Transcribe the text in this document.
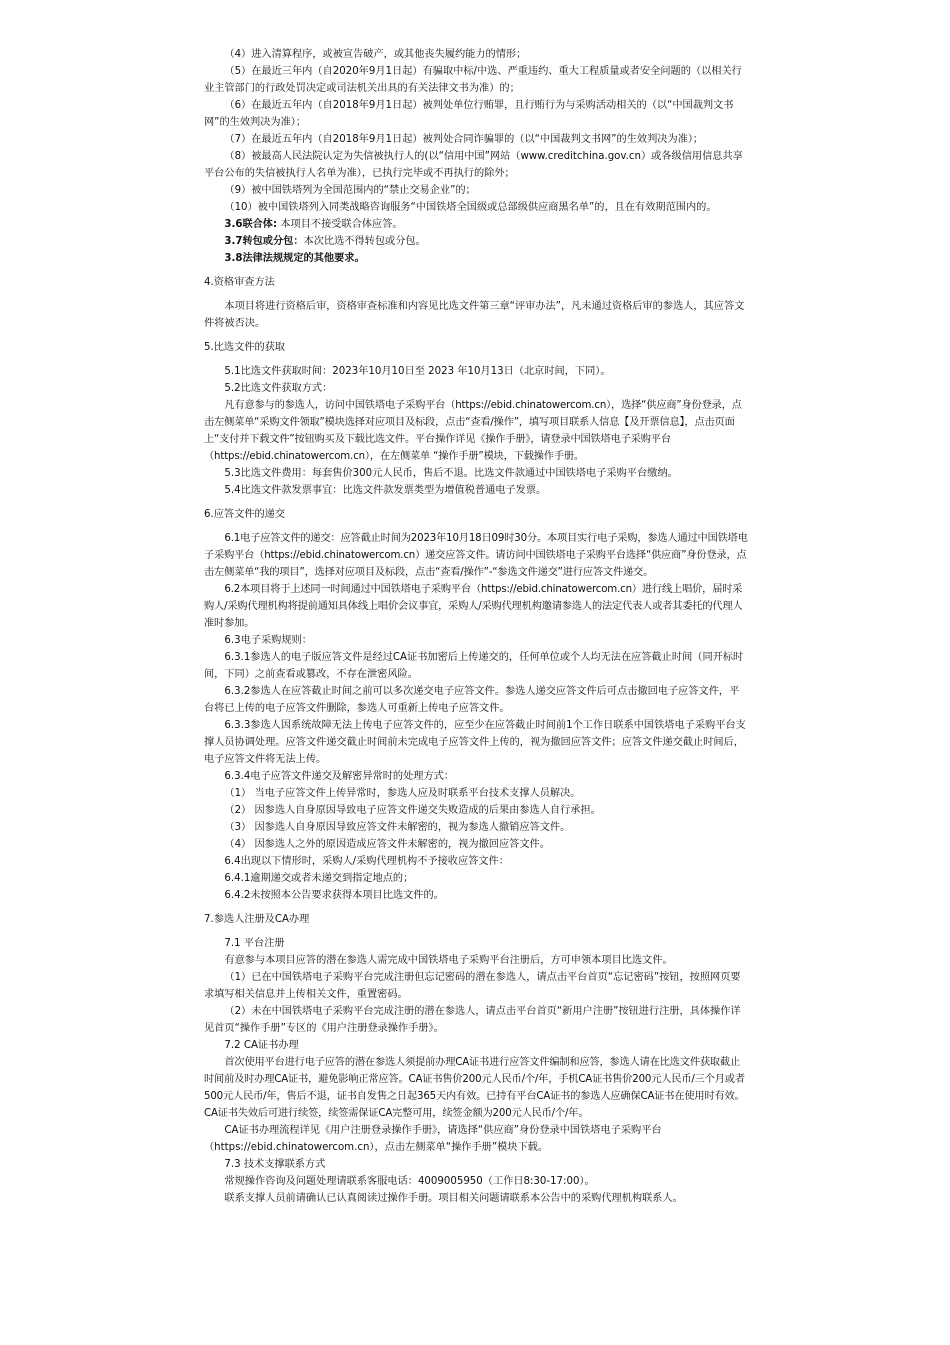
（4）进入清算程序，或被宣告破产，或其他丧失履约能力的情形；

（5）在最近三年内（自2020年9月1日起）有骗取中标/中选、严重违约、重大工程质量或者安全问题的（以相关行业主管部门的行政处罚决定或司法机关出具的有关法律文书为准）的；

（6）在最近五年内（自2018年9月1日起）被判处单位行贿罪，且行贿行为与采购活动相关的（以“中国裁判文书网”的生效判决为准）；

（7）在最近五年内（自2018年9月1日起）被判处合同诈骗罪的（以“中国裁判文书网”的生效判决为准）；

（8）被最高人民法院认定为失信被执行人的(以“信用中国”网站（www.creditchina.gov.cn）或各级信用信息共享平台公布的失信被执行人名单为准），已执行完毕或不再执行的除外；

（9）被中国铁塔列为全国范围内的“禁止交易企业”的；

（10）被中国铁塔列入同类战略咨询服务“中国铁塔全国级或总部级供应商黑名单”的，且在有效期范围内的。

3.6联合体: 本项目不接受联合体应答。

3.7转包或分包：本次比选不得转包或分包。

3.8法律法规规定的其他要求。

4.资格审查方法

本项目将进行资格后审，资格审查标准和内容见比选文件第三章“评审办法”，凡未通过资格后审的参选人，其应答文件将被否决。

5.比选文件的获取

5.1比选文件获取时间：2023年10月10日至 2023 年10月13日（北京时间，下同）。

5.2比选文件获取方式：

凡有意参与的参选人，访问中国铁塔电子采购平台（https://ebid.chinatowercom.cn），选择“供应商”身份登录，点击左侧菜单“采购文件领取”模块选择对应项目及标段，点击“查看/操作”，填写项目联系人信息【及开票信息】，点击页面上“支付并下载文件”按钮购买及下载比选文件。平台操作详见《操作手册》，请登录中国铁塔电子采购平台（https://ebid.chinatowercom.cn），在左侧菜单 “操作手册”模块，下载操作手册。

5.3比选文件费用：每套售价300元人民币，售后不退。比选文件款通过中国铁塔电子采购平台缴纳。

5.4比选文件款发票事宜：比选文件款发票类型为增值税普通电子发票。

6.应答文件的递交

6.1电子应答文件的递交：应答截止时间为2023年10月18日09时30分。本项目实行电子采购，参选人通过中国铁塔电子采购平台（https://ebid.chinatowercom.cn）递交应答文件。请访问中国铁塔电子采购平台选择“供应商”身份登录，点击左侧菜单“我的项目”，选择对应项目及标段，点击“查看/操作”-“参选文件递交”进行应答文件递交。

6.2本项目将于上述同一时间通过中国铁塔电子采购平台（https://ebid.chinatowercom.cn）进行线上唱价，届时采购人/采购代理机构将提前通知具体线上唱价会议事宜，采购人/采购代理机构邀请参选人的法定代表人或者其委托的代理人准时参加。

6.3电子采购规则：

6.3.1参选人的电子版应答文件是经过CA证书加密后上传递交的，任何单位或个人均无法在应答截止时间（同开标时间，下同）之前查看或篡改，不存在泄密风险。

6.3.2参选人在应答截止时间之前可以多次递交电子应答文件。参选人递交应答文件后可点击撤回电子应答文件，平台将已上传的电子应答文件删除，参选人可重新上传电子应答文件。

6.3.3参选人因系统故障无法上传电子应答文件的，应至少在应答截止时间前1个工作日联系中国铁塔电子采购平台支撑人员协调处理。应答文件递交截止时间前未完成电子应答文件上传的，视为撤回应答文件；应答文件递交截止时间后，电子应答文件将无法上传。

6.3.4电子应答文件递交及解密异常时的处理方式：

（1） 当电子应答文件上传异常时，参选人应及时联系平台技术支撑人员解决。

（2） 因参选人自身原因导致电子应答文件递交失败造成的后果由参选人自行承担。

（3） 因参选人自身原因导致应答文件未解密的，视为参选人撤销应答文件。

（4） 因参选人之外的原因造成应答文件未解密的，视为撤回应答文件。

6.4出现以下情形时，采购人/采购代理机构不予接收应答文件：

6.4.1逾期递交或者未递交到指定地点的；

6.4.2未按照本公告要求获得本项目比选文件的。

7.参选人注册及CA办理

7.1 平台注册

有意参与本项目应答的潜在参选人需完成中国铁塔电子采购平台注册后，方可申领本项目比选文件。

（1）已在中国铁塔电子采购平台完成注册但忘记密码的潜在参选人，请点击平台首页“忘记密码”按钮，按照网页要求填写相关信息并上传相关文件，重置密码。

（2）未在中国铁塔电子采购平台完成注册的潜在参选人，请点击平台首页“新用户注册”按钮进行注册，具体操作详见首页“操作手册”专区的《用户注册登录操作手册》。

7.2 CA证书办理

首次使用平台进行电子应答的潜在参选人须提前办理CA证书进行应答文件编制和应答，参选人请在比选文件获取截止时间前及时办理CA证书，避免影响正常应答。CA证书售价200元人民币/个/年，手机CA证书售价200元人民币/三个月或者500元人民币/年，售后不退，证书自发售之日起365天内有效。已持有平台CA证书的参选人应确保CA证书在使用时有效。CA证书失效后可进行续签，续签需保证CA完整可用，续签金额为200元人民币/个/年。

CA证书办理流程详见《用户注册登录操作手册》，请选择“供应商”身份登录中国铁塔电子采购平台（https://ebid.chinatowercom.cn），点击左侧菜单“操作手册”模块下载。

7.3 技术支撑联系方式

常规操作咨询及问题处理请联系客服电话：4009005950（工作日8:30-17:00）。

联系支撑人员前请确认已认真阅读过操作手册。项目相关问题请联系本公告中的采购代理机构联系人。
